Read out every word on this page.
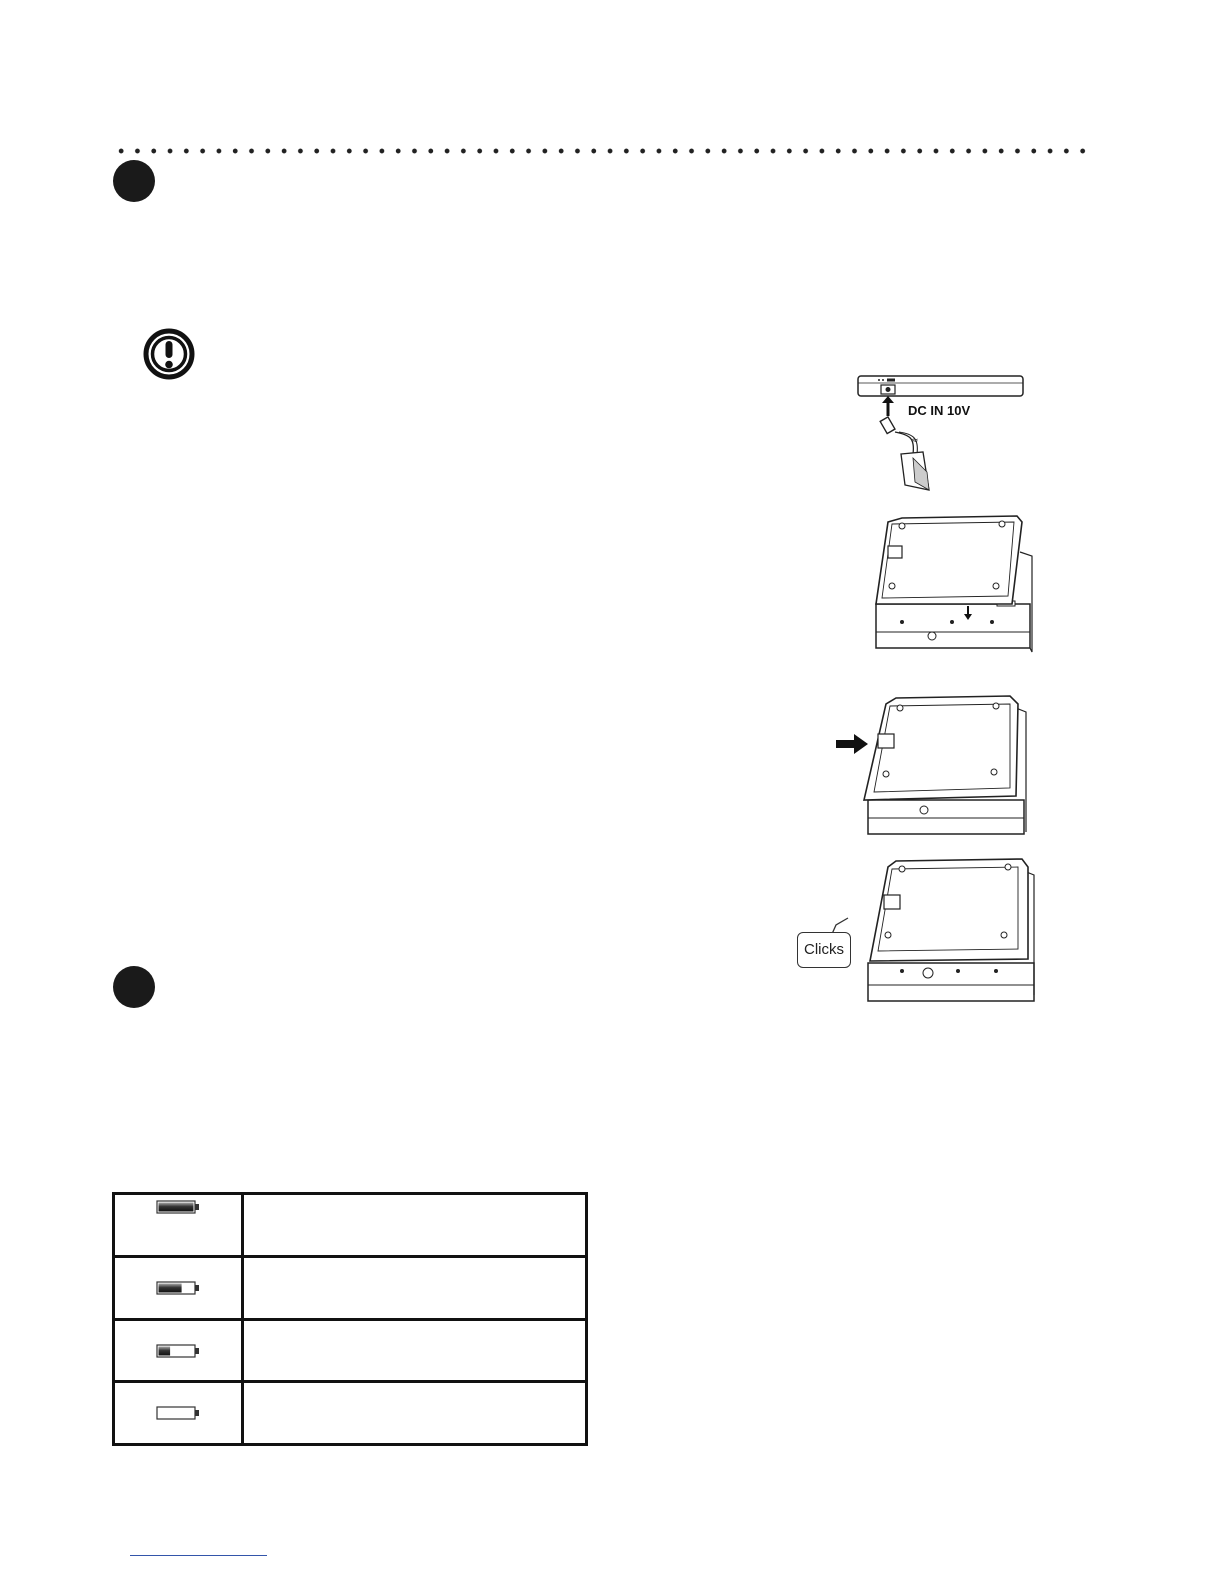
≈
DC IN 10V
Clicks
